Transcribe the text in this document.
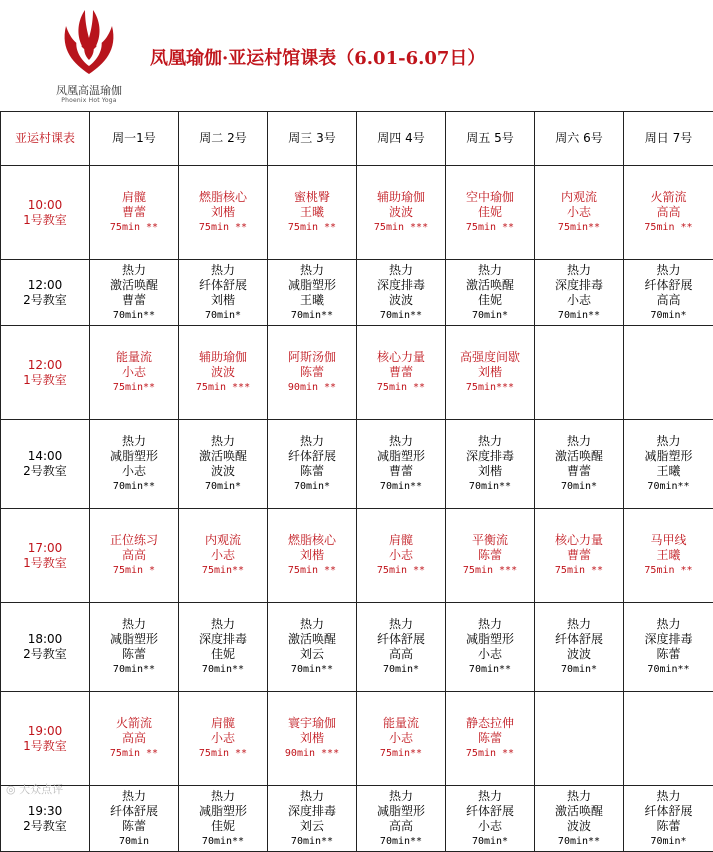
凤凰高温瑜伽
Phoenix Hot Yoga
凤凰瑜伽·亚运村馆课表（6.01-6.07日）
亚运村课表	周一1号	周二 2号	周三 3号	周四 4号	周五 5号	周六 6号	周日 7号

10:00
1号教室	肩髋
曹蕾
75min **	燃脂核心
刘楷
75min **	蜜桃臀
王曦
75min **	辅助瑜伽
波波
75min ***	空中瑜伽
佳妮
75min **	内观流
小志
75min**	火箭流
高高
75min **

12:00
2号教室	热力
激活唤醒
曹蕾
70min**	热力
纤体舒展
刘楷
70min*	热力
减脂塑形
王曦
70min**	热力
深度排毒
波波
70min**	热力
激活唤醒
佳妮
70min*	热力
深度排毒
小志
70min**	热力
纤体舒展
高高
70min*

12:00
1号教室	能量流
小志
75min**	辅助瑜伽
波波
75min ***	阿斯汤伽
陈蕾
90min **	核心力量
曹蕾
75min **	高强度间歇
刘楷
75min***		

14:00
2号教室	热力
减脂塑形
小志
70min**	热力
激活唤醒
波波
70min*	热力
纤体舒展
陈蕾
70min*	热力
减脂塑形
曹蕾
70min**	热力
深度排毒
刘楷
70min**	热力
激活唤醒
曹蕾
70min*	热力
减脂塑形
王曦
70min**

17:00
1号教室	正位练习
高高
75min *	内观流
小志
75min**	燃脂核心
刘楷
75min **	肩髋
小志
75min **	平衡流
陈蕾
75min ***	核心力量
曹蕾
75min **	马甲线
王曦
75min **

18:00
2号教室	热力
减脂塑形
陈蕾
70min**	热力
深度排毒
佳妮
70min**	热力
激活唤醒
刘云
70min**	热力
纤体舒展
高高
70min*	热力
减脂塑形
小志
70min**	热力
纤体舒展
波波
70min*	热力
深度排毒
陈蕾
70min**

19:00
1号教室	火箭流
高高
75min **	肩髋
小志
75min **	寰宇瑜伽
刘楷
90min ***	能量流
小志
75min**	静态拉伸
陈蕾
75min **		

19:30
2号教室	热力
纤体舒展
陈蕾
70min	热力
减脂塑形
佳妮
70min**	热力
深度排毒
刘云
70min**	热力
减脂塑形
高高
70min**	热力
纤体舒展
小志
70min*	热力
激活唤醒
波波
70min**	热力
纤体舒展
陈蕾
70min*
◎ 大众点评
